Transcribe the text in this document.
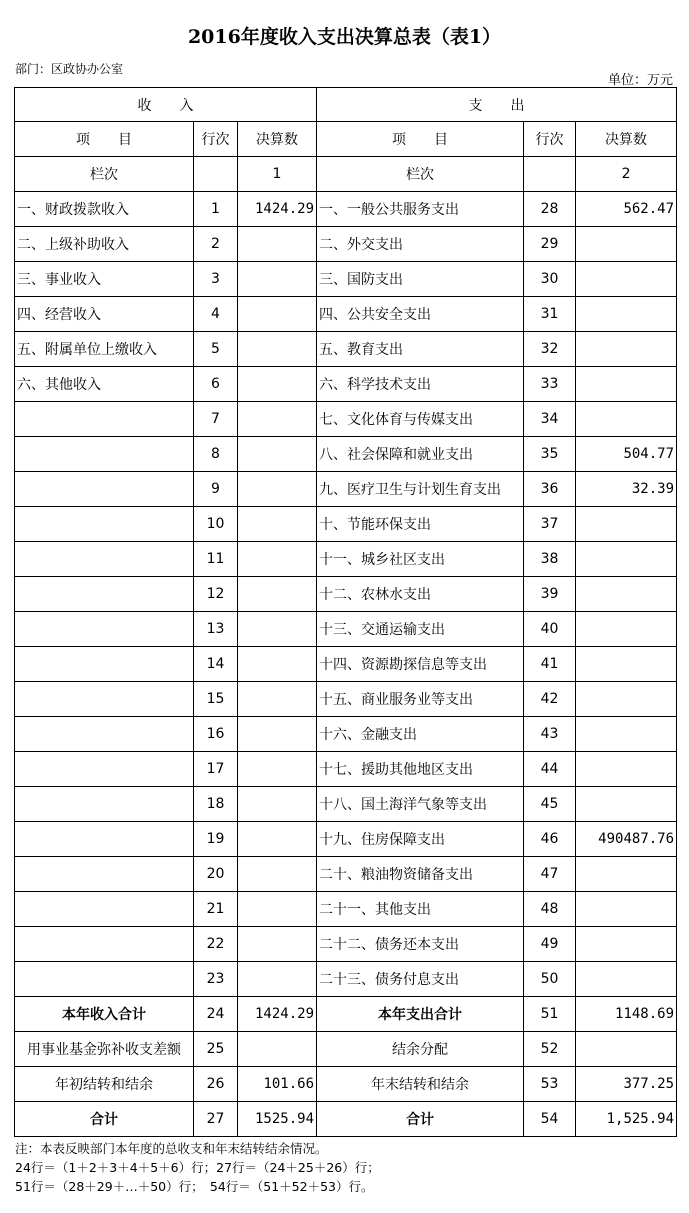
2016年度收入支出决算总表（表1）
部门：区政协办公室
单位：万元
收　　入			支　　出		
项　　目	行次	决算数	项　　目	行次	决算数
栏次		1	栏次		2
一、财政拨款收入	1	1424.29	一、一般公共服务支出	28	562.47
二、上级补助收入	2		二、外交支出	29	
三、事业收入	3		三、国防支出	30	
四、经营收入	4		四、公共安全支出	31	
五、附属单位上缴收入	5		五、教育支出	32	
六、其他收入	6		六、科学技术支出	33	
	7		七、文化体育与传媒支出	34	
	8		八、社会保障和就业支出	35	504.77
	9		九、医疗卫生与计划生育支出	36	32.39
	10		十、节能环保支出	37	
	11		十一、城乡社区支出	38	
	12		十二、农林水支出	39	
	13		十三、交通运输支出	40	
	14		十四、资源勘探信息等支出	41	
	15		十五、商业服务业等支出	42	
	16		十六、金融支出	43	
	17		十七、援助其他地区支出	44	
	18		十八、国土海洋气象等支出	45	
	19		十九、住房保障支出	46	490487.76
	20		二十、粮油物资储备支出	47	
	21		二十一、其他支出	48	
	22		二十二、债务还本支出	49	
	23		二十三、债务付息支出	50	
本年收入合计	24	1424.29	本年支出合计	51	1148.69
用事业基金弥补收支差额	25		结余分配	52	
年初结转和结余	26	101.66	年末结转和结余	53	377.25
合计	27	1525.94	合计	54	1,525.94
注：本表反映部门本年度的总收支和年末结转结余情况。
24行＝（1＋2＋3＋4＋5＋6）行；27行＝（24＋25＋26）行；
51行＝（28＋29＋…＋50）行；　54行＝（51＋52＋53）行。
